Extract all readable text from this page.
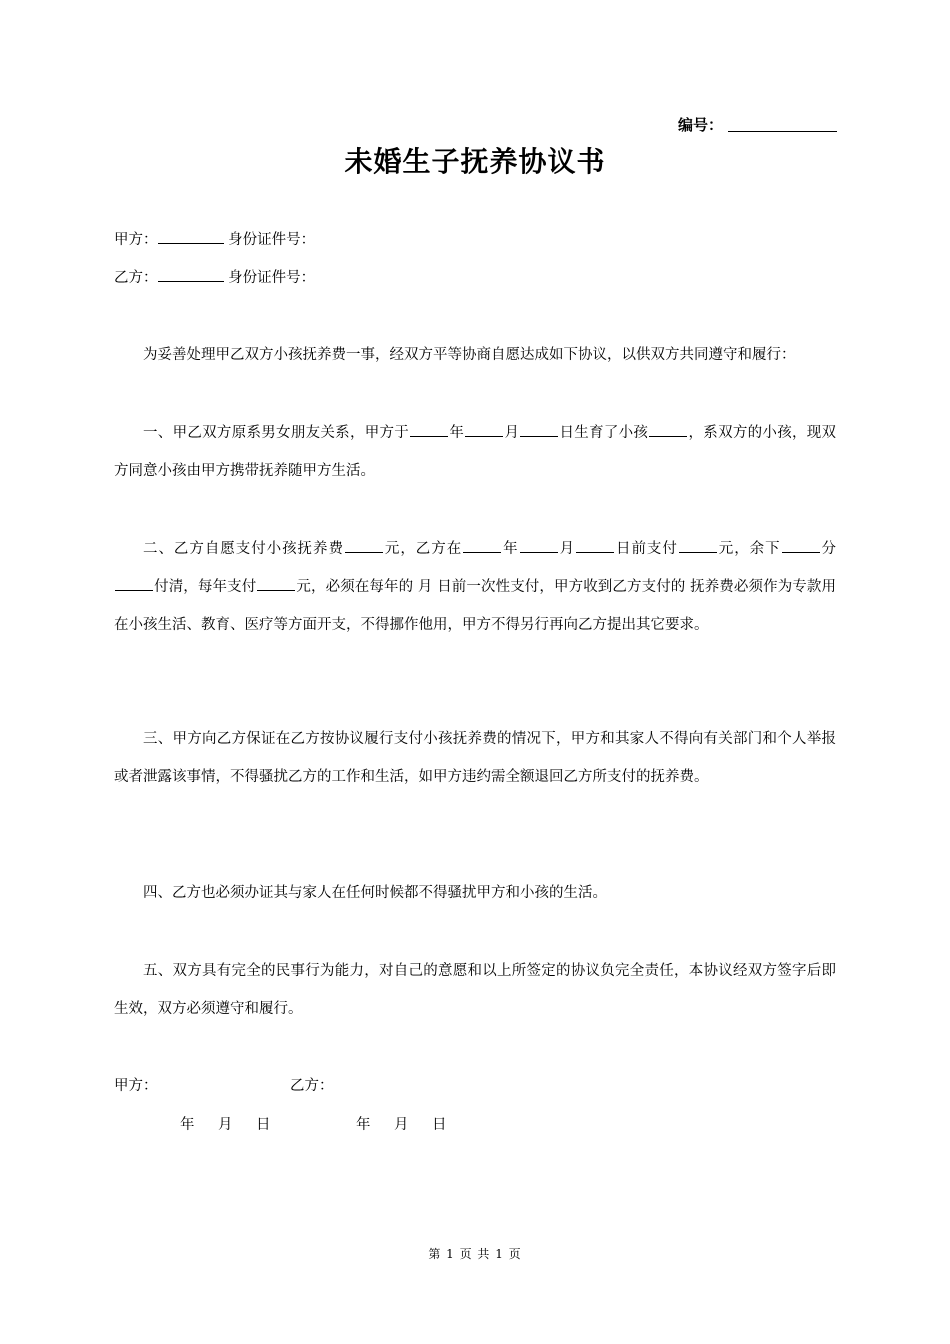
编号：
未婚生子抚养协议书
甲方：	身份证件号：
乙方：	身份证件号：
为妥善处理甲乙双方小孩抚养费一事，经双方平等协商自愿达成如下协议，以供双方共同遵守和履行：
一、甲乙双方原系男女朋友关系，甲方于	年	月	日生育了小孩	，系双方的小孩，现双方同意小孩由甲方携带抚养随甲方生活。
二、乙方自愿支付小孩抚养费	元，乙方在	年	月	日前支付	元，余下	分付清，每年支付	元，必须在每年的 月 日前一次性支付，甲方收到乙方支付的 抚养费必须作为专款用在小孩生活、教育、医疗等方面开支，不得挪作他用，甲方不得另行再向乙方提出其它要求。
三、甲方向乙方保证在乙方按协议履行支付小孩抚养费的情况下，甲方和其家人不得向有关部门和个人举报或者泄露该事情，不得骚扰乙方的工作和生活，如甲方违约需全额退回乙方所支付的抚养费。
四、乙方也必须办证其与家人在任何时候都不得骚扰甲方和小孩的生活。
五、双方具有完全的民事行为能力，对自己的意愿和以上所签定的协议负完全责任，本协议经双方签字后即生效，双方必须遵守和履行。
甲方：	乙方：
年 月 日	年 月 日
第 1 页 共 1 页
